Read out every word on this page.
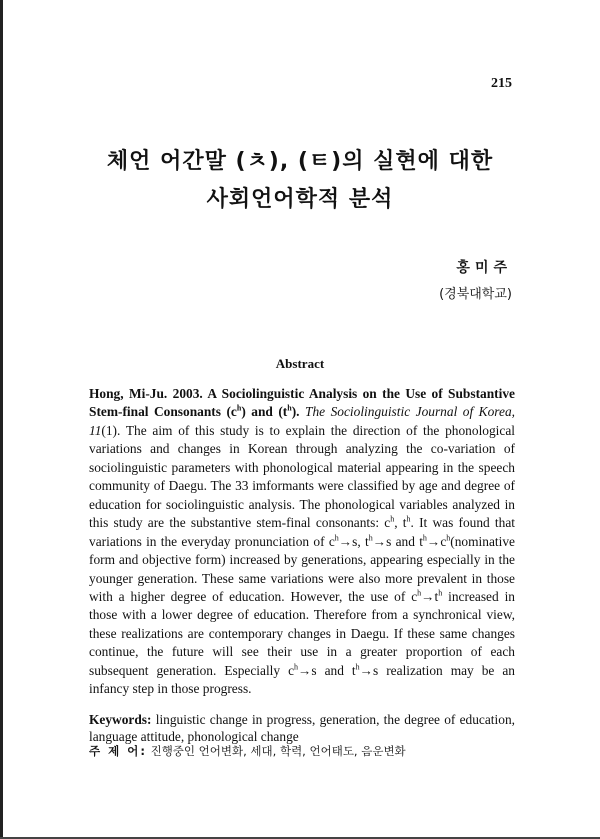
215
체언 어간말 (ㅊ), (ㅌ)의 실현에 대한
사회언어학적 분석
홍미주
(경북대학교)
Abstract

Hong, Mi-Ju. 2003. A Sociolinguistic Analysis on the Use of Substantive Stem-final Consonants $(c^h)$ and $(t^h)$. The Sociolinguistic Journal of Korea, 11(1). The aim of this study is to explain the direction of the phonological variations and changes in Korean through analyzing the co-variation of sociolinguistic parameters with phonological material appearing in the speech community of Daegu. The 33 imformants were classified by age and degree of education for sociolinguistic analysis. The phonological variables analyzed in this study are the substantive stem-final consonants: $c^h$, $t^h$. It was found that variations in the everyday pronunciation of $c^h\to s$, $t^h\to s$ and $t^h\to c^h(nominative$ form and objective form) increased by generations, appearing especially in the younger generation. These same variations were also more prevalent in those with a higher degree of education. However, the use of $c^h\to t^h$ increased in those with a lower degree of education. Therefore from a synchronical view, these realizations are contemporary changes in Daegu. If these same changes continue, the future will see their use in a greater proportion of each subsequent generation. Especially $c^h\to s$ and $t^h\to s$ realization may be an infancy step in those progress.

Keywords: linguistic change in progress, generation, the degree of education, language attitude, phonological change
주 제 어: 진행중인 언어변화, 세대, 학력, 언어태도, 음운변화
